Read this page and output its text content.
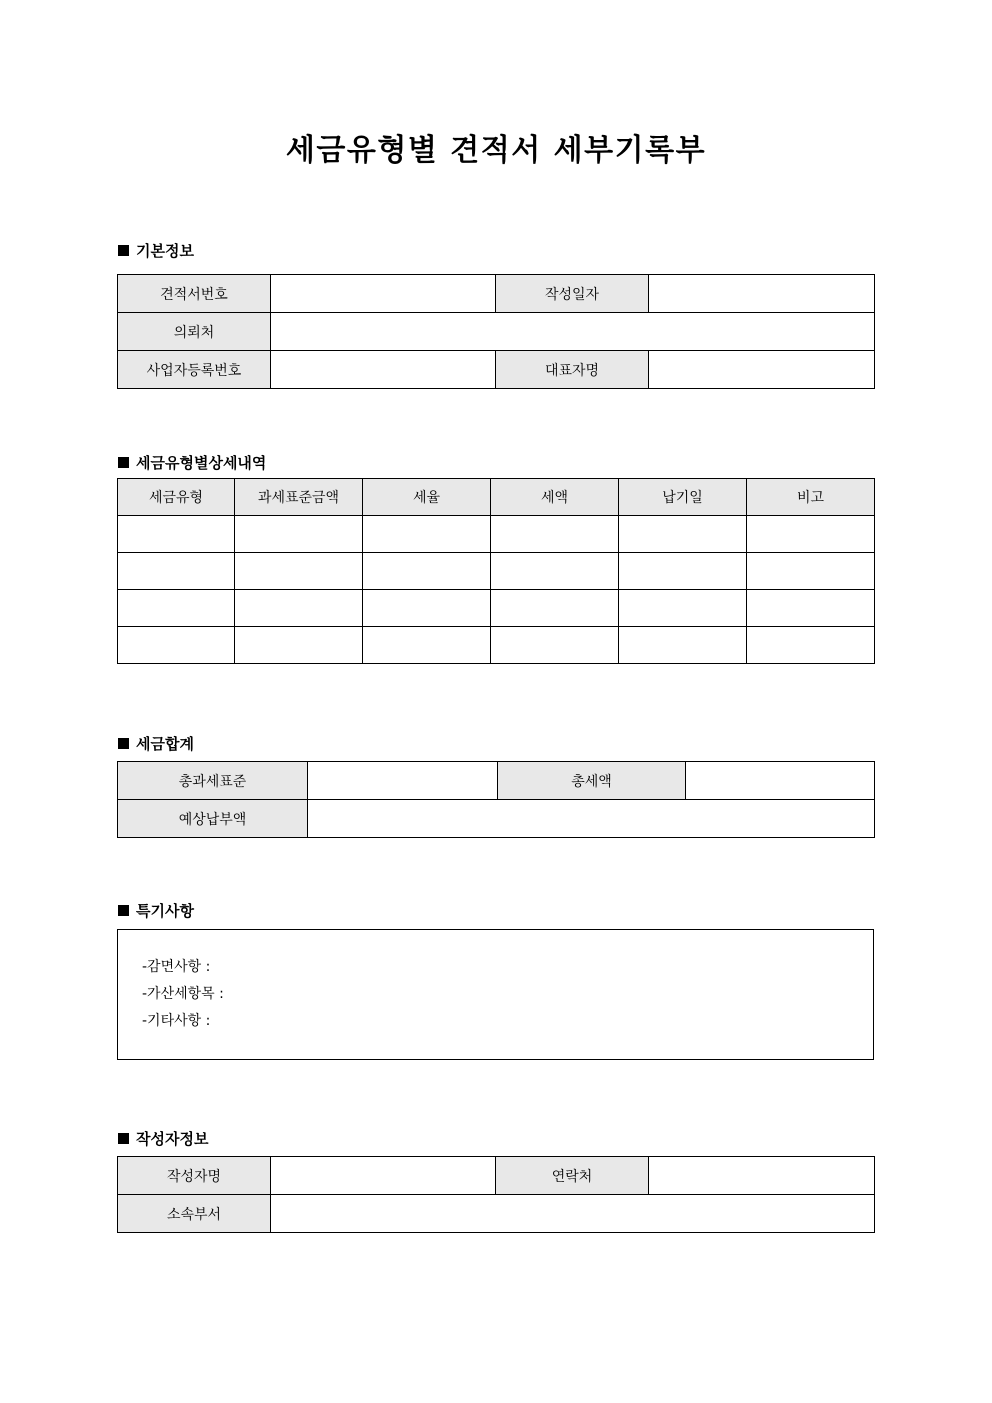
세금유형별 견적서 세부기록부
기본정보
견적서번호		작성일자	
의뢰처			
사업자등록번호		대표자명	
세금유형별상세내역
세금유형	과세표준금액	세율	세액	납기일	비고

세금합계
총과세표준		총세액	
예상납부액			
특기사항
-감면사항 :
-가산세항목 :
-기타사항 :
작성자정보
작성자명		연락처	
소속부서			
